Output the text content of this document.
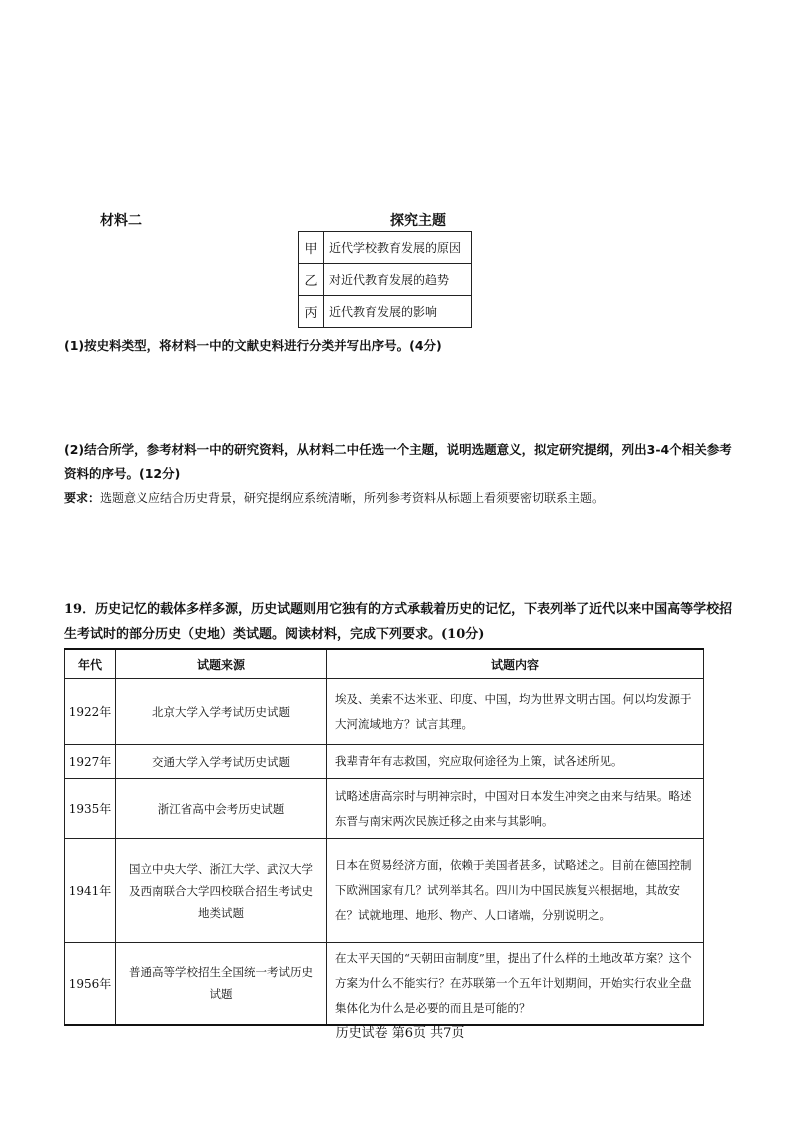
材料二	探究主题
甲	近代学校教育发展的原因
乙	对近代教育发展的趋势
丙	近代教育发展的影响
(1)按史料类型，将材料一中的文献史料进行分类并写出序号。(4分)
(2)结合所学，参考材料一中的研究资料，从材料二中任选一个主题，说明选题意义，拟定研究提纲，列出3-4个相关参考资料的序号。(12分)
要求：选题意义应结合历史背景，研究提纲应系统清晰，所列参考资料从标题上看须要密切联系主题。
19．历史记忆的载体多样多源，历史试题则用它独有的方式承载着历史的记忆，下表列举了近代以来中国高等学校招生考试时的部分历史（史地）类试题。阅读材料，完成下列要求。(10分)
年代	试题来源	试题内容
1922年	北京大学入学考试历史试题	埃及、美索不达米亚、印度、中国，均为世界文明古国。何以均发源于大河流域地方？试言其理。
1927年	交通大学入学考试历史试题	我辈青年有志救国，究应取何途径为上策，试各述所见。
1935年	浙江省高中会考历史试题	试略述唐高宗时与明神宗时，中国对日本发生冲突之由来与结果。略述东晋与南宋两次民族迁移之由来与其影响。
1941年	国立中央大学、浙江大学、武汉大学及西南联合大学四校联合招生考试史地类试题	日本在贸易经济方面，依赖于美国者甚多，试略述之。目前在德国控制下欧洲国家有几？试列举其名。四川为中国民族复兴根据地，其故安在？试就地理、地形、物产、人口诸端，分别说明之。
1956年	普通高等学校招生全国统一考试历史试题	在太平天国的“天朝田亩制度”里，提出了什么样的土地改革方案？这个方案为什么不能实行？在苏联第一个五年计划期间，开始实行农业全盘集体化为什么是必要的而且是可能的？
历史试卷 第6页 共7页
